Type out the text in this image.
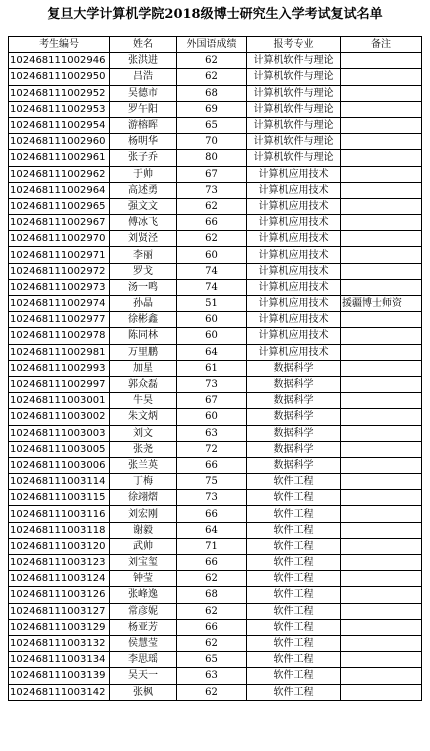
复旦大学计算机学院2018级博士研究生入学考试复试名单
考生编号	姓名	外国语成绩	报考专业	备注
102468111002946	张洪进	62	计算机软件与理论	
102468111002950	吕浩	62	计算机软件与理论	
102468111002952	吴德市	68	计算机软件与理论	
102468111002953	罗午阳	69	计算机软件与理论	
102468111002954	游榕晖	65	计算机软件与理论	
102468111002960	杨明华	70	计算机软件与理论	
102468111002961	张子乔	80	计算机软件与理论	
102468111002962	于帅	67	计算机应用技术	
102468111002964	高述勇	73	计算机应用技术	
102468111002965	强文文	62	计算机应用技术	
102468111002967	傅冰飞	66	计算机应用技术	
102468111002970	刘贤泾	62	计算机应用技术	
102468111002971	李丽	60	计算机应用技术	
102468111002972	罗戈	74	计算机应用技术	
102468111002973	汤一鸣	74	计算机应用技术	
102468111002974	孙晶	51	计算机应用技术	援疆博士师资
102468111002977	徐彬鑫	60	计算机应用技术	
102468111002978	陈同林	60	计算机应用技术	
102468111002981	万里鹏	64	计算机应用技术	
102468111002993	加星	61	数据科学	
102468111002997	郭众磊	73	数据科学	
102468111003001	牛昊	67	数据科学	
102468111003002	朱文炳	60	数据科学	
102468111003003	刘文	63	数据科学	
102468111003005	张尧	72	数据科学	
102468111003006	张兰英	66	数据科学	
102468111003114	丁梅	75	软件工程	
102468111003115	徐翊熠	73	软件工程	
102468111003116	刘宏刚	66	软件工程	
102468111003118	谢毅	64	软件工程	
102468111003120	武帅	71	软件工程	
102468111003123	刘宝玺	66	软件工程	
102468111003124	钟莹	62	软件工程	
102468111003126	张峰逸	68	软件工程	
102468111003127	常彦妮	62	软件工程	
102468111003129	杨亚芳	66	软件工程	
102468111003132	侯慧莹	62	软件工程	
102468111003134	李思瑶	65	软件工程	
102468111003139	吴天一	63	软件工程	
102468111003142	张枫	62	软件工程	
